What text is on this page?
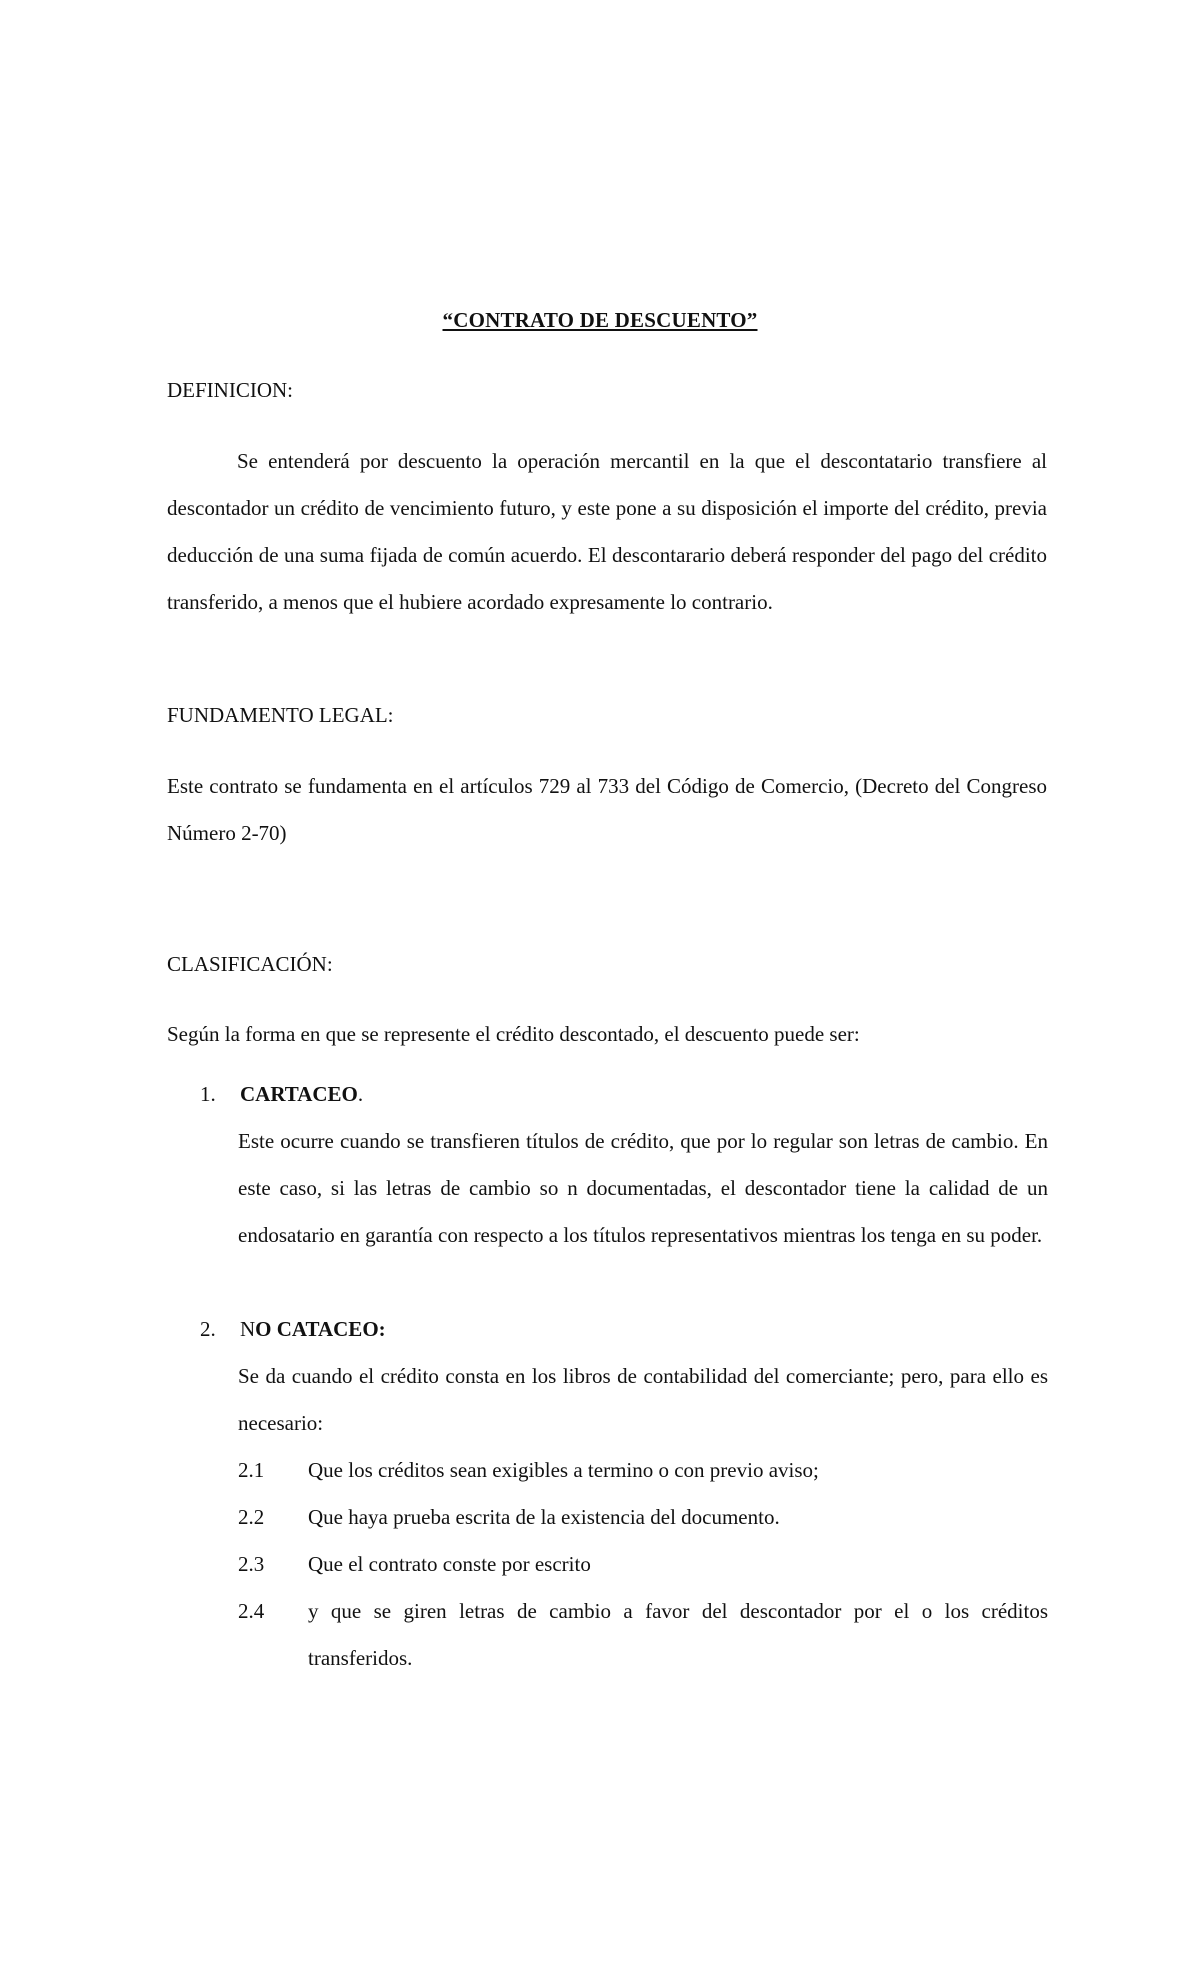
“CONTRATO DE DESCUENTO”
DEFINICION:
Se entenderá por descuento la operación mercantil en la que el descontatario transfiere al descontador un crédito de vencimiento futuro, y este pone a su disposición el importe del crédito, previa deducción de una suma fijada de común acuerdo. El descontarario deberá responder del pago del crédito transferido, a menos que el hubiere acordado expresamente lo contrario.
FUNDAMENTO LEGAL:
Este contrato se fundamenta en el artículos 729 al 733 del Código de Comercio, (Decreto del Congreso Número 2-70)
CLASIFICACIÓN:
Según la forma en que se represente el crédito descontado, el descuento puede ser:
1. CARTACEO.
Este ocurre cuando se transfieren títulos de crédito, que por lo regular son letras de cambio. En este caso, si las letras de cambio so n documentadas, el descontador tiene la calidad de un endosatario en garantía con respecto a los títulos representativos mientras los tenga en su poder.
2. NO CATACEO:
Se da cuando el crédito consta en los libros de contabilidad del comerciante; pero, para ello es necesario:
2.1 Que los créditos sean exigibles a termino o con previo aviso;
2.2 Que haya prueba escrita de la existencia del documento.
2.3 Que el contrato conste por escrito
2.4 y que se giren letras de cambio a favor del descontador por el o los créditos transferidos.
